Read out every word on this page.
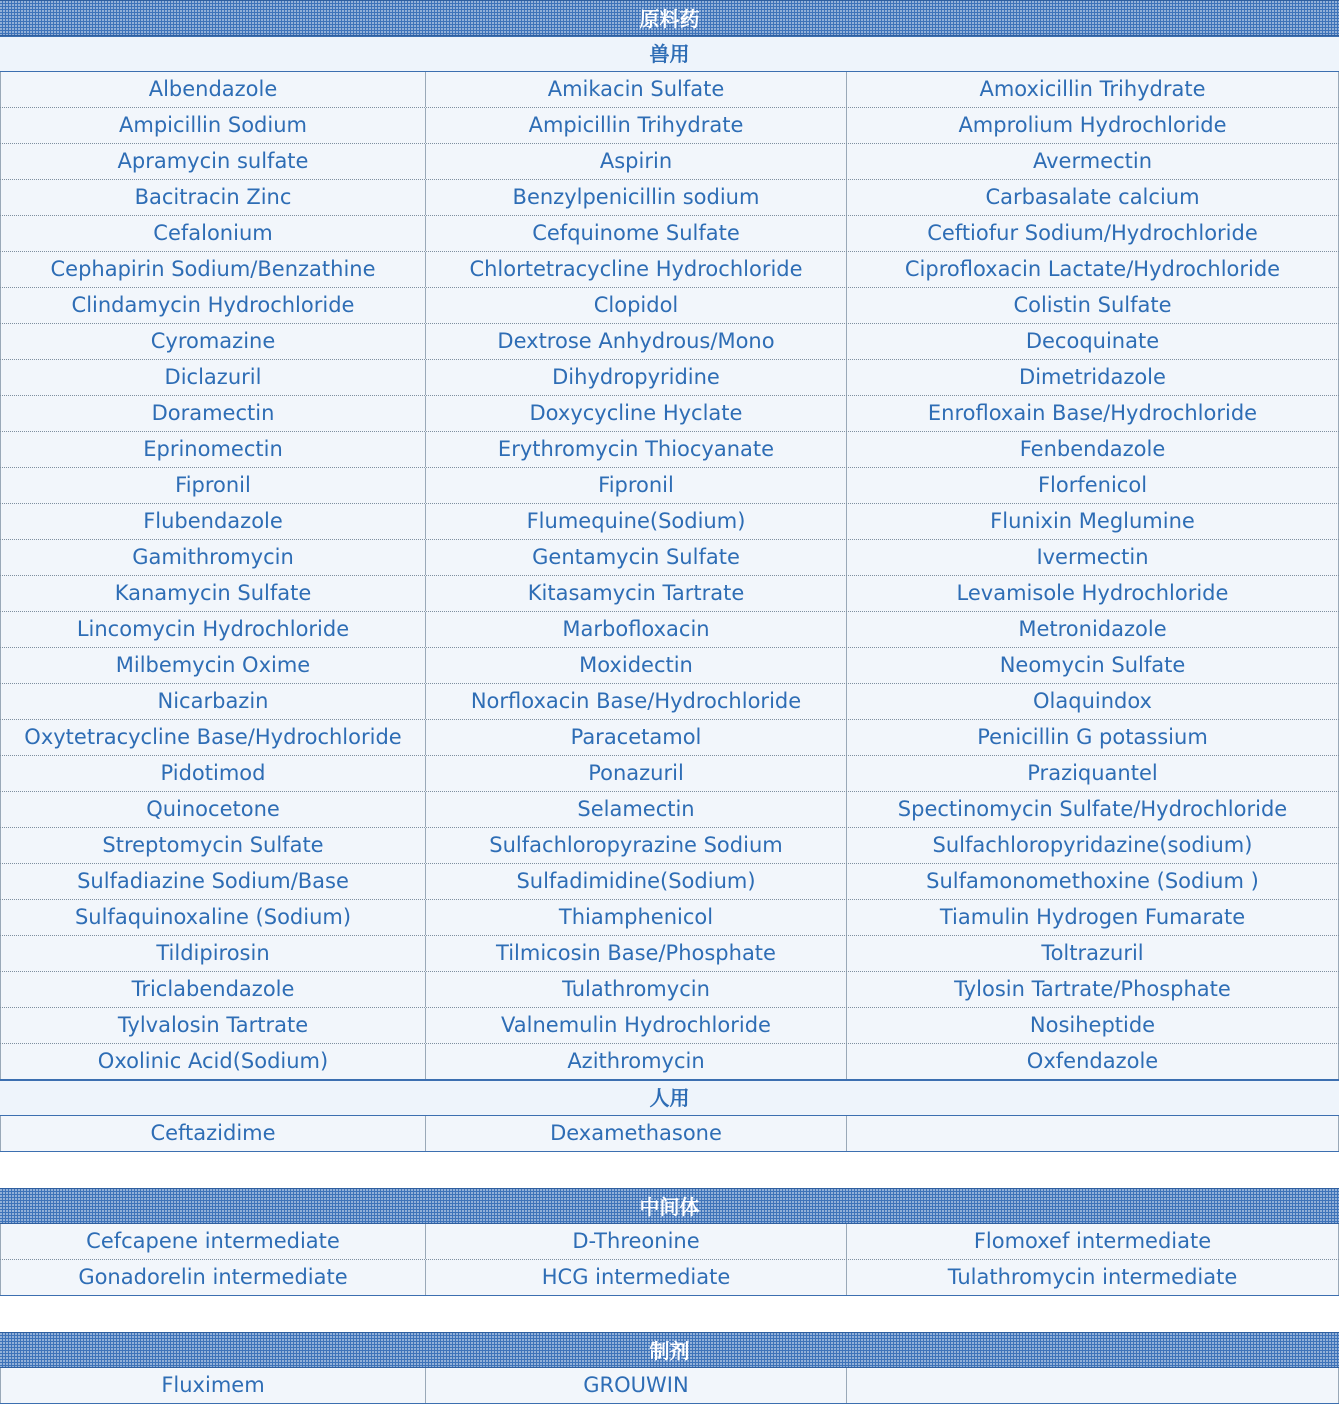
原料药
兽用
Albendazole	Amikacin Sulfate	Amoxicillin Trihydrate
Ampicillin Sodium	Ampicillin Trihydrate	Amprolium Hydrochloride
Apramycin sulfate	Aspirin	Avermectin
Bacitracin Zinc	Benzylpenicillin sodium	Carbasalate calcium
Cefalonium	Cefquinome Sulfate	Ceftiofur Sodium/Hydrochloride
Cephapirin Sodium/Benzathine	Chlortetracycline Hydrochloride	Ciprofloxacin Lactate/Hydrochloride
Clindamycin Hydrochloride	Clopidol	Colistin Sulfate
Cyromazine	Dextrose Anhydrous/Mono	Decoquinate
Diclazuril	Dihydropyridine	Dimetridazole
Doramectin	Doxycycline Hyclate	Enrofloxain Base/Hydrochloride
Eprinomectin	Erythromycin Thiocyanate	Fenbendazole
Fipronil	Fipronil	Florfenicol
Flubendazole	Flumequine(Sodium)	Flunixin Meglumine
Gamithromycin	Gentamycin Sulfate	Ivermectin
Kanamycin Sulfate	Kitasamycin Tartrate	Levamisole Hydrochloride
Lincomycin Hydrochloride	Marbofloxacin	Metronidazole
Milbemycin Oxime	Moxidectin	Neomycin Sulfate
Nicarbazin	Norfloxacin Base/Hydrochloride	Olaquindox
Oxytetracycline Base/Hydrochloride	Paracetamol	Penicillin G potassium
Pidotimod	Ponazuril	Praziquantel
Quinocetone	Selamectin	Spectinomycin Sulfate/Hydrochloride
Streptomycin Sulfate	Sulfachloropyrazine Sodium	Sulfachloropyridazine(sodium)
Sulfadiazine Sodium/Base	Sulfadimidine(Sodium)	Sulfamonomethoxine (Sodium )
Sulfaquinoxaline (Sodium)	Thiamphenicol	Tiamulin Hydrogen Fumarate
Tildipirosin	Tilmicosin Base/Phosphate	Toltrazuril
Triclabendazole	Tulathromycin	Tylosin Tartrate/Phosphate
Tylvalosin Tartrate	Valnemulin Hydrochloride	Nosiheptide
Oxolinic Acid(Sodium)	Azithromycin	Oxfendazole
人用
Ceftazidime	Dexamethasone
中间体
Cefcapene intermediate	D-Threonine	Flomoxef intermediate
Gonadorelin intermediate	HCG intermediate	Tulathromycin intermediate
制剂
Fluximem	GROUWIN
